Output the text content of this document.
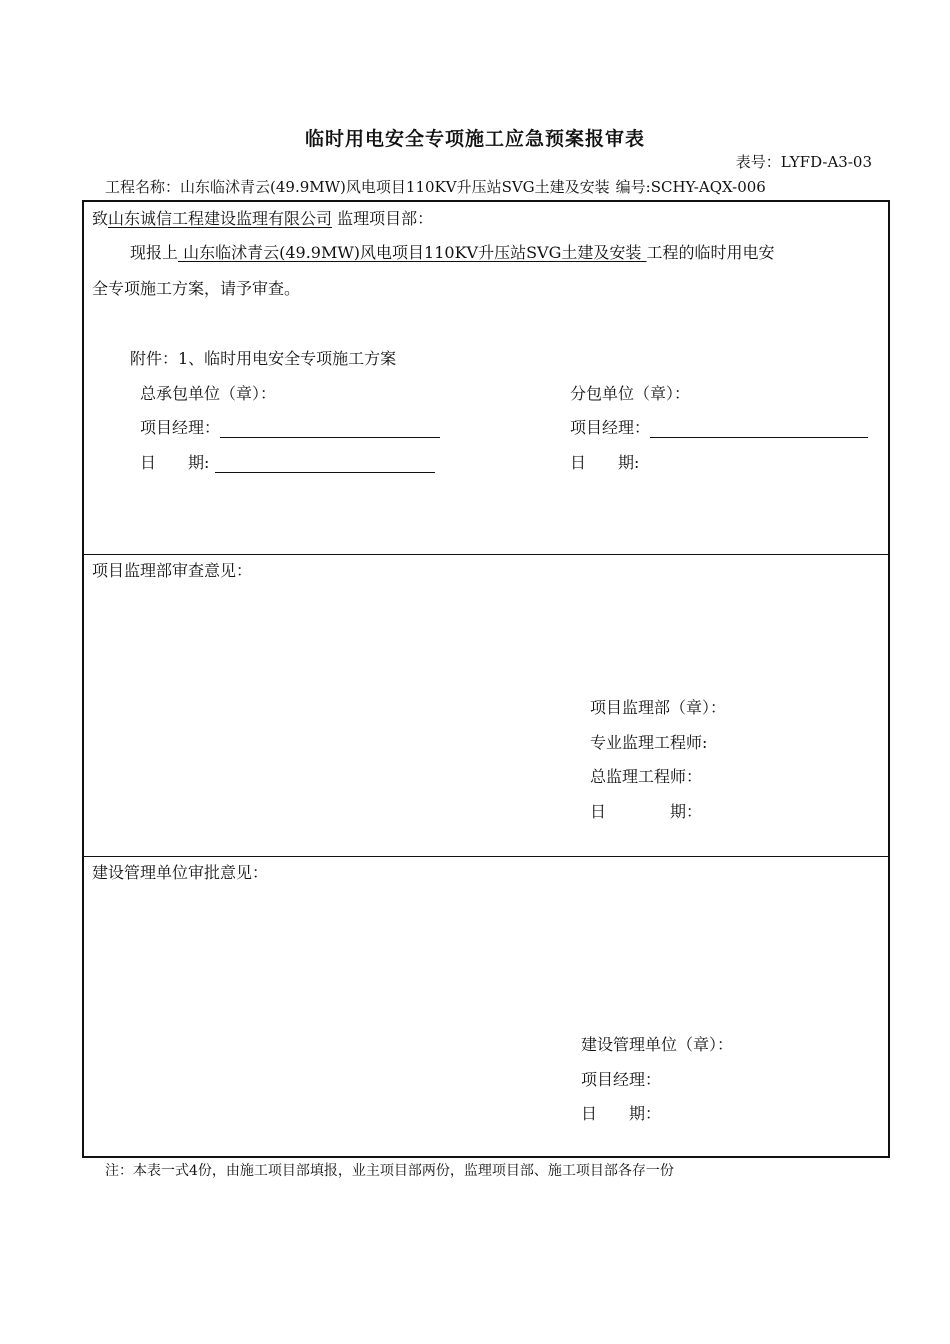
临时用电安全专项施工应急预案报审表
表号：LYFD-A3-03
工程名称：山东临沭青云(49.9MW)风电项目110KV升压站SVG土建及安装 编号:SCHY-AQX-006
致山东诚信工程建设监理有限公司 监理项目部：
现报上 山东临沭青云(49.9MW)风电项目110KV升压站SVG土建及安装 工程的临时用电安
全专项施工方案，请予审查。
附件：1、临时用电安全专项施工方案
总承包单位（章）：	分包单位（章）：
项目经理：	项目经理：
日　　期:	日　　期:
项目监理部审查意见：
项目监理部（章）：
专业监理工程师:
总监理工程师：
日　　　　期：
建设管理单位审批意见：
建设管理单位（章）：
项目经理：
日　　期：
注：本表一式4份，由施工项目部填报，业主项目部两份，监理项目部、施工项目部各存一份
